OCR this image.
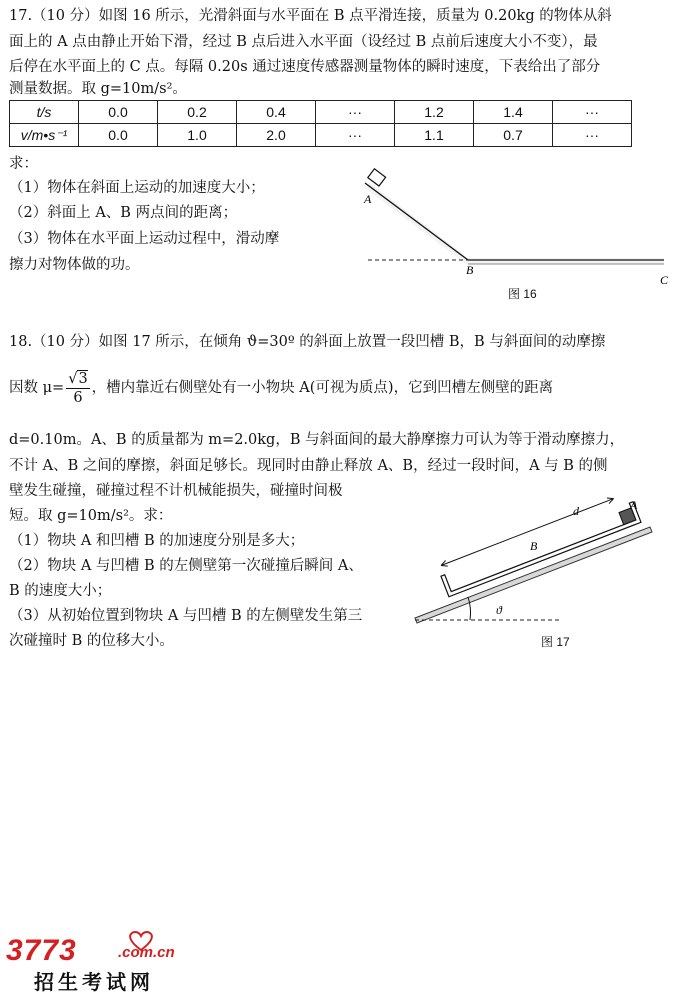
17.（10 分）如图 16 所示，光滑斜面与水平面在 B 点平滑连接，质量为 0.20kg 的物体从斜
面上的 A 点由静止开始下滑，经过 B 点后进入水平面（设经过 B 点前后速度大小不变），最
后停在水平面上的 C 点。每隔 0.20s 通过速度传感器测量物体的瞬时速度，下表给出了部分
测量数据。取 g=10m/s²。
t/s	0.0	0.2	0.4	···	1.2	1.4	···
v/m•s⁻¹	0.0	1.0	2.0	···	1.1	0.7	···
求：
（1）物体在斜面上运动的加速度大小；
（2）斜面上 A、B 两点间的距离；
（3）物体在水平面上运动过程中，滑动摩
擦力对物体做的功。
A
B
C
图 16
18.（10 分）如图 17 所示，在倾角 ϑ=30º 的斜面上放置一段凹槽 B，B 与斜面间的动摩擦
因数 $\mu= \frac{√3}{6}$ ，槽内靠近右侧壁处有一小物块 A(可视为质点)，它到凹槽左侧壁的距离
d=0.10m。A、B 的质量都为 m=2.0kg，B 与斜面间的最大静摩擦力可认为等于滑动摩擦力，
不计 A、B 之间的摩擦，斜面足够长。现同时由静止释放 A、B，经过一段时间，A 与 B 的侧
壁发生碰撞，碰撞过程不计机械能损失，碰撞时间极
短。取 g=10m/s²。求：
（1）物块 A 和凹槽 B 的加速度分别是多大；
（2）物块 A 与凹槽 B 的左侧壁第一次碰撞后瞬间 A、
B 的速度大小；
（3）从初始位置到物块 A 与凹槽 B 的左侧壁发生第三
次碰撞时 B 的位移大小。
ϑ
d	A
B
图 17
3773	.com.cn
招生考试网
